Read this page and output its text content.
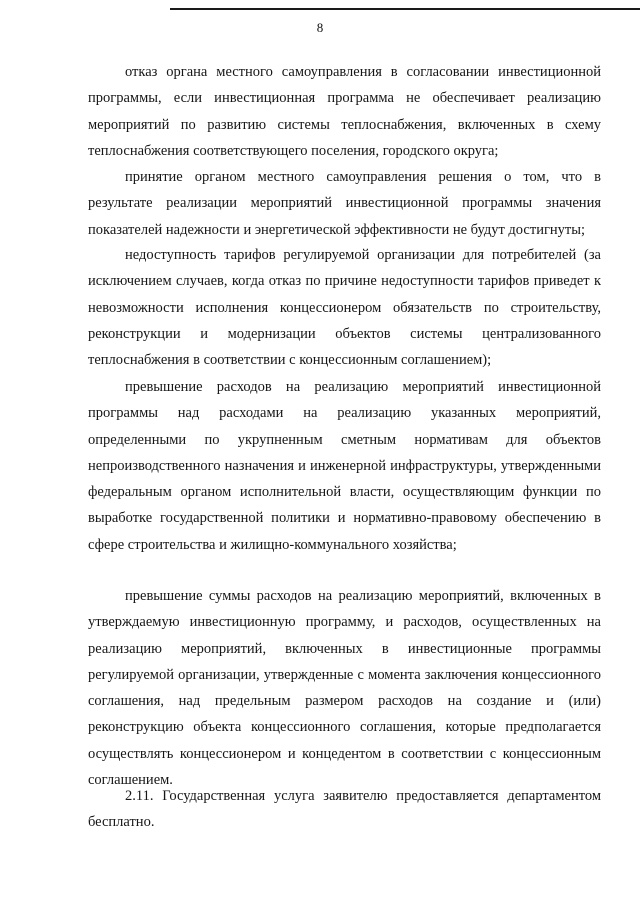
8

отказ органа местного самоуправления в согласовании инвестиционной программы, если инвестиционная программа не обеспечивает реализацию мероприятий по развитию системы теплоснабжения, включенных в схему теплоснабжения соответствующего поселения, городского округа;

принятие органом местного самоуправления решения о том, что в результате реализации мероприятий инвестиционной программы значения показателей надежности и энергетической эффективности не будут достигнуты;

недоступность тарифов регулируемой организации для потребителей (за исключением случаев, когда отказ по причине недоступности тарифов приведет к невозможности исполнения концессионером обязательств по строительству, реконструкции и модернизации объектов системы централизованного теплоснабжения в соответствии с концессионным соглашением);

превышение расходов на реализацию мероприятий инвестиционной программы над расходами на реализацию указанных мероприятий, определенными по укрупненным сметным нормативам для объектов непроизводственного назначения и инженерной инфраструктуры, утвержденными федеральным органом исполнительной власти, осуществляющим функции по выработке государственной политики и нормативно-правовому обеспечению в сфере строительства и жилищно-коммунального хозяйства;

превышение суммы расходов на реализацию мероприятий, включенных в утверждаемую инвестиционную программу, и расходов, осуществленных на реализацию мероприятий, включенных в инвестиционные программы регулируемой организации, утвержденные с момента заключения концессионного соглашения, над предельным размером расходов на создание и (или) реконструкцию объекта концессионного соглашения, которые предполагается осуществлять концессионером и концедентом в соответствии с концессионным соглашением.

2.11. Государственная услуга заявителю предоставляется департаментом бесплатно.
